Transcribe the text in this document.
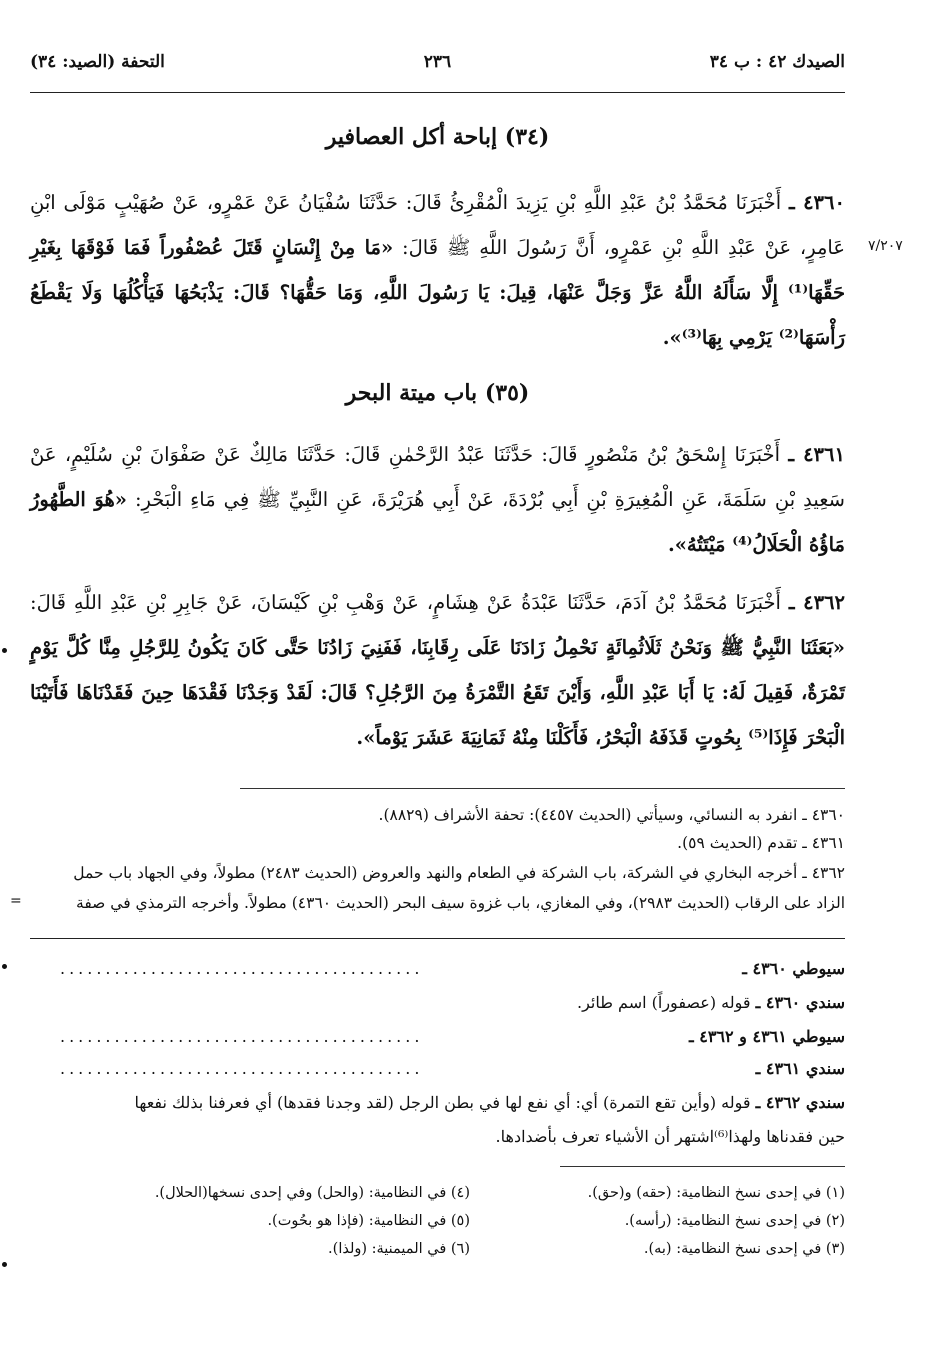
الصيدك ٤٢ : ب ٣٤
٢٣٦
التحفة (الصيد: ٣٤)
(٣٤) إباحة أكل العصافير
٤٣٦٠ ـ أَخْبَرَنَا مُحَمَّدُ بْنُ عَبْدِ اللَّهِ بْنِ يَزِيدَ الْمُقْرِئُ قَالَ: حَدَّثَنَا سُفْيَانُ عَنْ عَمْرٍو، عَنْ صُهَيْبٍ مَوْلَى ابْنِ عَامِرٍ، عَنْ عَبْدِ اللَّهِ بْنِ عَمْرٍو، أَنَّ رَسُولَ اللَّهِ ﷺ قَالَ: «مَا مِنْ إِنْسَانٍ قَتَلَ عُصْفُوراً فَمَا فَوْقَهَا بِغَيْرِ حَقِّهَا⁽¹⁾ إِلَّا سَأَلَهُ اللَّهُ عَزَّ وَجَلَّ عَنْهَا، قِيلَ: يَا رَسُولَ اللَّهِ، وَمَا حَقُّهَا؟ قَالَ: يَذْبَحُهَا فَيَأْكُلُهَا وَلَا يَقْطَعُ رَأْسَهَا⁽²⁾ يَرْمِي بِهَا⁽³⁾».
(٣٥) باب ميتة البحر
٤٣٦١ ـ أَخْبَرَنَا إِسْحَقُ بْنُ مَنْصُورٍ قَالَ: حَدَّثَنَا عَبْدُ الرَّحْمٰنِ قَالَ: حَدَّثَنَا مَالِكٌ عَنْ صَفْوَانَ بْنِ سُلَيْمٍ، عَنْ سَعِيدِ بْنِ سَلَمَةَ، عَنِ الْمُغِيرَةِ بْنِ أَبِي بُرْدَةَ، عَنْ أَبِي هُرَيْرَةَ، عَنِ النَّبِيِّ ﷺ فِي مَاءِ الْبَحْرِ: «هُوَ الطَّهُورُ مَاؤُهُ الْحَلَالُ⁽⁴⁾ مَيْتَتُهُ».
٤٣٦٢ ـ أَخْبَرَنَا مُحَمَّدُ بْنُ آدَمَ، حَدَّثَنَا عَبْدَةُ عَنْ هِشَامٍ، عَنْ وَهْبِ بْنِ كَيْسَانَ، عَنْ جَابِرِ بْنِ عَبْدِ اللَّهِ قَالَ: «بَعَثَنَا النَّبِيُّ ﷺ وَنَحْنُ ثَلَاثُمِائَةٍ نَحْمِلُ زَادَنَا عَلَى رِقَابِنَا، فَفَنِيَ زَادُنَا حَتَّى كَانَ يَكُونُ لِلرَّجُلِ مِنَّا كُلَّ يَوْمٍ تَمْرَةٌ، فَقِيلَ لَهُ: يَا أَبَا عَبْدِ اللَّهِ، وَأَيْنَ تَقَعُ التَّمْرَةُ مِنَ الرَّجُلِ؟ قَالَ: لَقَدْ وَجَدْنَا فَقْدَهَا حِينَ فَقَدْنَاهَا فَأَتَيْنَا الْبَحْرَ فَإِذَا⁽⁵⁾ بِحُوتٍ قَذَفَهُ الْبَحْرُ، فَأَكَلْنَا مِنْهُ ثَمَانِيَةَ عَشَرَ يَوْماً».
٤٣٦٠ ـ انفرد به النسائي، وسيأتي (الحديث ٤٤٥٧): تحفة الأشراف (٨٨٢٩).
٤٣٦١ ـ تقدم (الحديث ٥٩).
٤٣٦٢ ـ أخرجه البخاري في الشركة، باب الشركة في الطعام والنهد والعروض (الحديث ٢٤٨٣) مطولاً، وفي الجهاد باب حمل
الزاد على الرقاب (الحديث ٢٩٨٣)، وفي المغازي، باب غزوة سيف البحر (الحديث ٤٣٦٠) مطولاً. وأخرجه الترمذي في صفة
سيوطي ٤٣٦٠ ـ
........................................
سندي ٤٣٦٠ ـ قوله (عصفوراً) اسم طائر.
سيوطي ٤٣٦١ و ٤٣٦٢ ـ
........................................
سندي ٤٣٦١ ـ
........................................
سندي ٤٣٦٢ ـ قوله (وأين تقع التمرة) أي: أي نفع لها في بطن الرجل (لقد وجدنا فقدها) أي فعرفنا بذلك نفعها
حين فقدناها ولهذا⁽⁶⁾اشتهر أن الأشياء تعرف بأضدادها.
(١) في إحدى نسخ النظامية: (حقه) و(حق).
(٢) في إحدى نسخ النظامية: (رأسه).
(٣) في إحدى نسخ النظامية: (به).
(٤) في النظامية: (والحل) وفي إحدى نسخها(الحلال).
(٥) في النظامية: (فإذا هو بحُوت).
(٦) في الميمنية: (ولذا).
٧/٢٠٧
=
